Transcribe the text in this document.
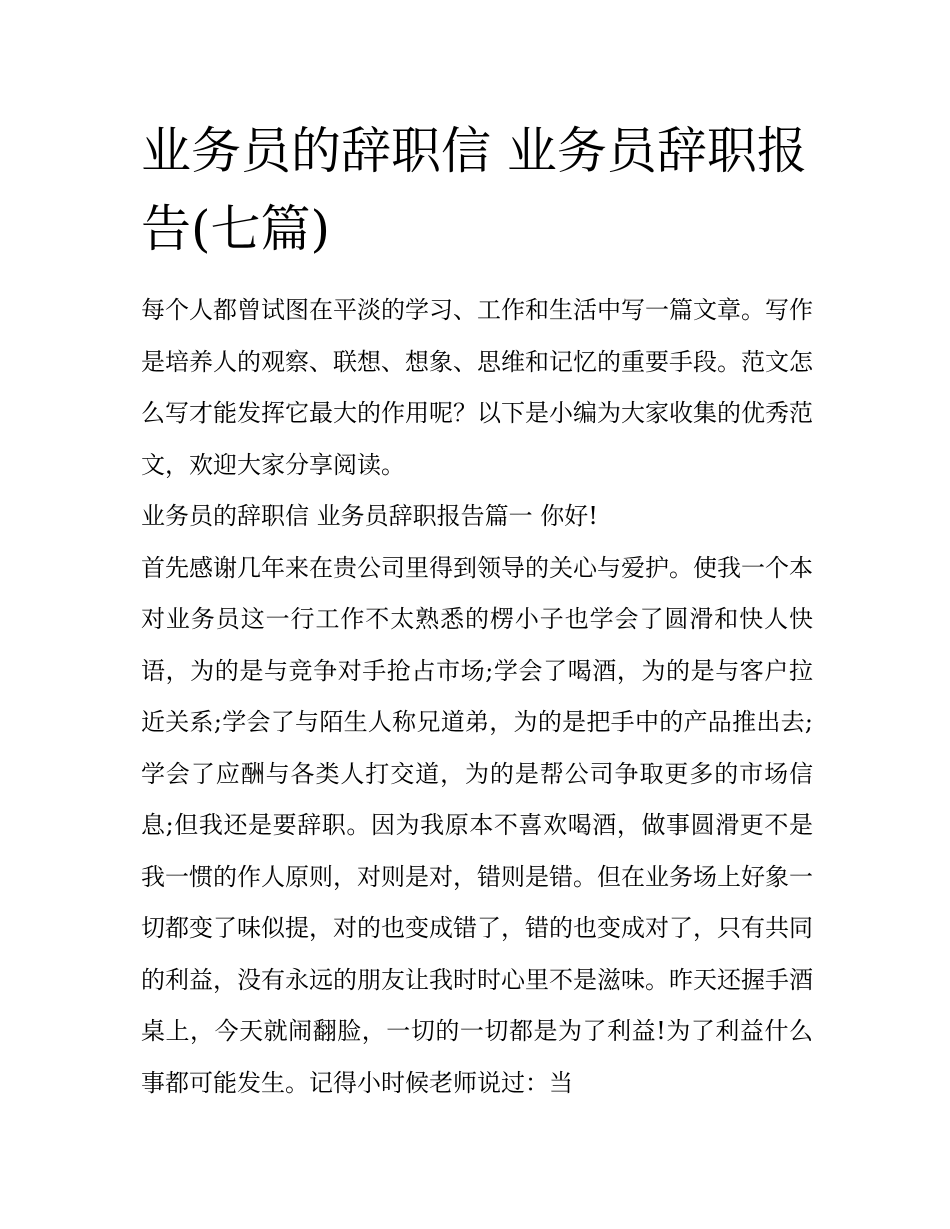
业务员的辞职信 业务员辞职报告(七篇)

每个人都曾试图在平淡的学习、工作和生活中写一篇文章。写作是培养人的观察、联想、想象、思维和记忆的重要手段。范文怎么写才能发挥它最大的作用呢？以下是小编为大家收集的优秀范文，欢迎大家分享阅读。

业务员的辞职信 业务员辞职报告篇一 你好!

首先感谢几年来在贵公司里得到领导的关心与爱护。使我一个本对业务员这一行工作不太熟悉的楞小子也学会了圆滑和快人快语，为的是与竞争对手抢占市场;学会了喝酒，为的是与客户拉近关系;学会了与陌生人称兄道弟，为的是把手中的产品推出去;学会了应酬与各类人打交道，为的是帮公司争取更多的市场信息;但我还是要辞职。因为我原本不喜欢喝酒，做事圆滑更不是我一惯的作人原则，对则是对，错则是错。但在业务场上好象一切都变了味似提，对的也变成错了，错的也变成对了，只有共同的利益，没有永远的朋友让我时时心里不是滋味。昨天还握手酒桌上，今天就闹翻脸，一切的一切都是为了利益!为了利益什么事都可能发生。记得小时候老师说过：当
